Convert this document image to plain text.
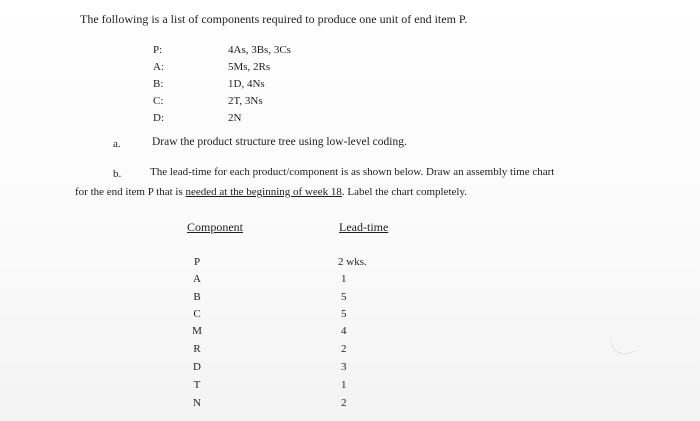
The following is a list of components required to produce one unit of end item P.
P:	4As, 3Bs, 3Cs
A:	5Ms, 2Rs
B:	1D, 4Ns
C:	2T, 3Ns
D:	2N
a.	Draw the product structure tree using low-level coding.
b.	The lead-time for each product/component is as shown below. Draw an assembly time chart
for the end item P that is needed at the beginning of week 18. Label the chart completely.
Component	Lead-time
P	2 wks.
A	1
B	5
C	5
M	4
R	2
D	3
T	1
N	2
